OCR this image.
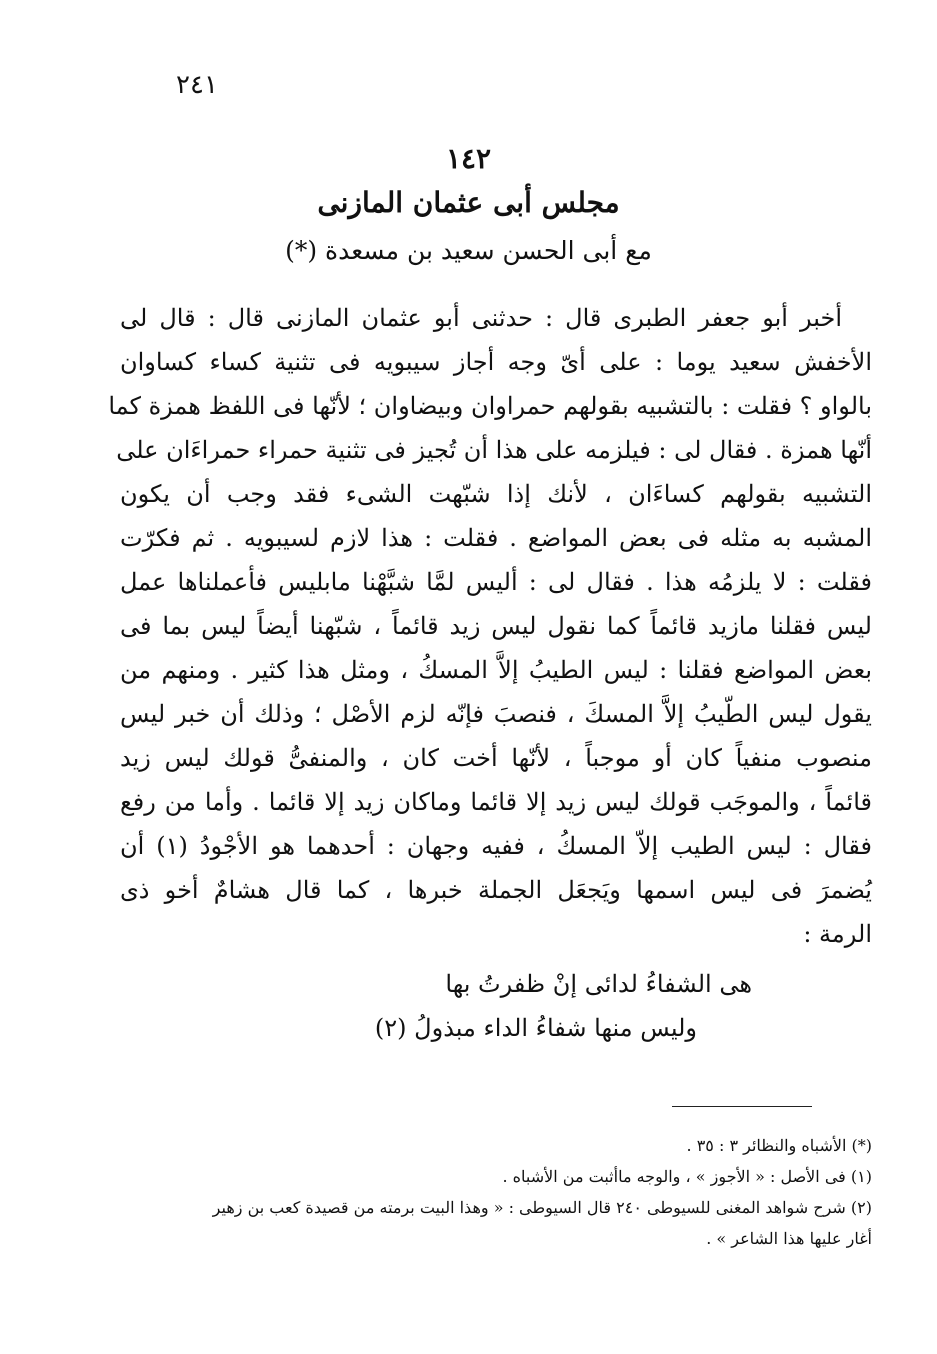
٢٤١
١٤٢
مجلس أبى عثمان المازنى
مع أبى الحسن سعيد بن مسعدة (*)
أخبر أبو جعفر الطبرى قال : حدثنى أبو عثمان المازنى قال : قال لى
الأخفش سعيد يوما : على أىّ وجه أجاز سيبويه فى تثنية كساء كساوان
بالواو ؟ فقلت : بالتشبيه بقولهم حمراوان وبيضاوان ؛ لأنّها فى اللفظ همزة كما
أنّها همزة . فقال لى : فيلزمه على هذا أن تُجيز فى تثنية حمراء حمراءَان على
التشبيه بقولهم كساءَان ، لأنك إذا شبّهت الشىء فقد وجب أن يكون
المشبه به مثله فى بعض المواضع . فقلت : هذا لازم لسيبويه . ثم فكرّت
فقلت : لا يلزمُه هذا . فقال لى : أليس لمَّا شبَّهْنا مابليس فأعملناها عمل
ليس فقلنا مازيد قائماً كما نقول ليس زيد قائماً ، شبّهنا أيضاً ليس بما فى
بعض المواضع فقلنا : ليس الطيبُ إلاَّ المسكُ ، ومثل هذا كثير . ومنهم من
يقول ليس الطّيبُ إلاَّ المسكَ ، فنصبَ فإنّه لزم الأصْل ؛ وذلك أن خبر ليس
منصوب منفياً كان أو موجباً ، لأنّها أخت كان ، والمنفىُّ قولك ليس زيد
قائماً ، والموجَب قولك ليس زيد إلا قائما وماكان زيد إلا قائما . وأما من رفع
فقال : ليس الطيب إلاّ المسكُ ، ففيه وجهان : أحدهما هو الأجْودُ (١) أن
يُضمرَ فى ليس اسمها ويَجعَل الجملة خبرها ، كما قال هشامٌ أخو ذى
الرمة :
هى الشفاءُ لدائى إنْ ظفرتُ بها
وليس منها شفاءُ الداء مبذولُ (٢)
(*) الأشباه والنظائر ٣ : ٣٥ .
(١) فى الأصل : « الأجوز » ، والوجه ماأثبت من الأشباه .
(٢) شرح شواهد المغنى للسيوطى ٢٤٠ قال السيوطى : « وهذا البيت برمته من قصيدة كعب بن زهير
أغار عليها هذا الشاعر » .
